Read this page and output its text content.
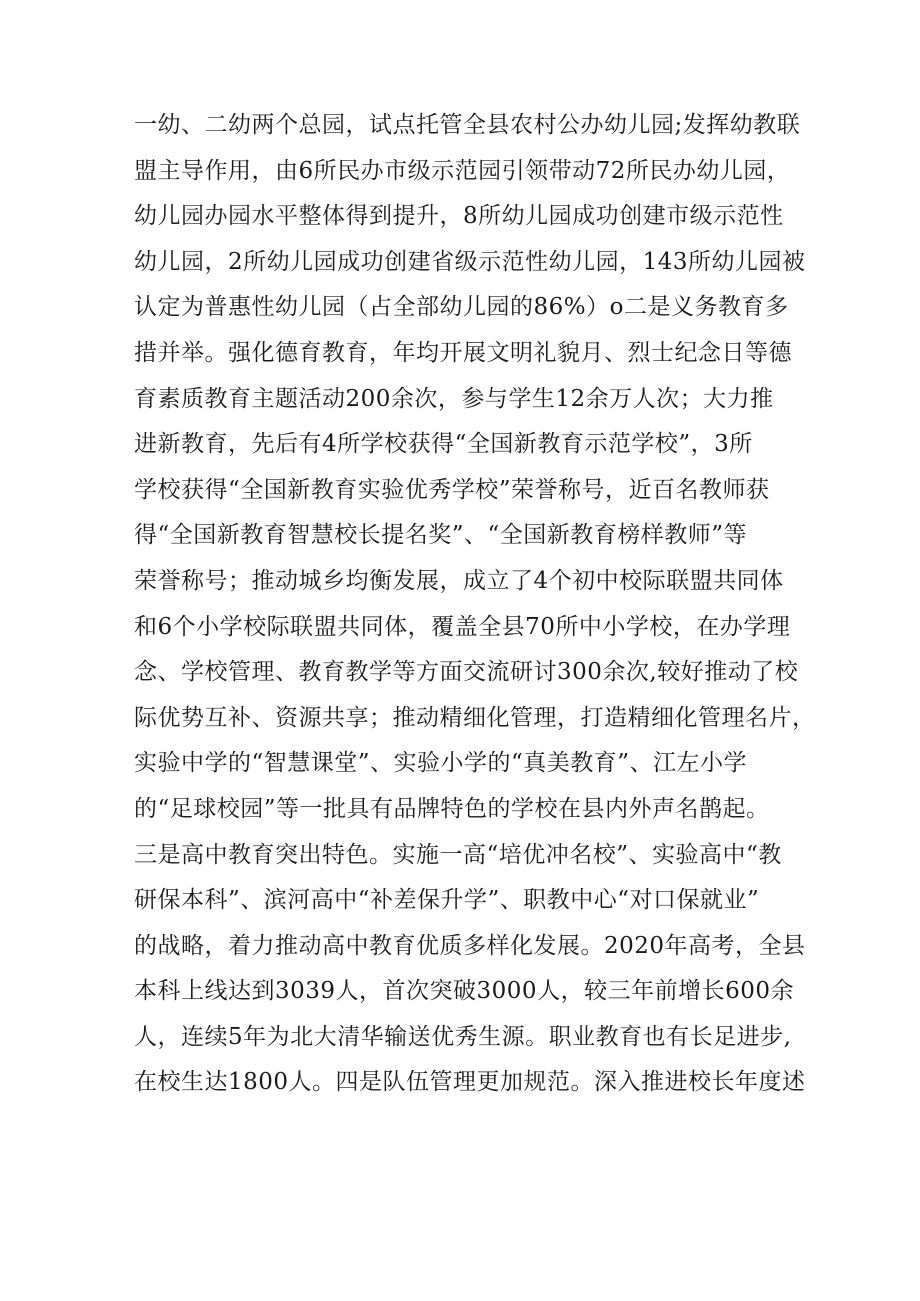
一幼、二幼两个总园，试点托管全县农村公办幼儿园;发挥幼教联
盟主导作用，由6所民办市级示范园引领带动72所民办幼儿园，
幼儿园办园水平整体得到提升，8所幼儿园成功创建市级示范性
幼儿园，2所幼儿园成功创建省级示范性幼儿园，143所幼儿园被
认定为普惠性幼儿园（占全部幼儿园的86%）o二是义务教育多
措并举。强化德育教育，年均开展文明礼貌月、烈士纪念日等德
育素质教育主题活动200余次，参与学生12余万人次；大力推
进新教育，先后有4所学校获得“全国新教育示范学校”，3所
学校获得“全国新教育实验优秀学校”荣誉称号，近百名教师获
得“全国新教育智慧校长提名奖”、“全国新教育榜样教师”等
荣誉称号；推动城乡均衡发展，成立了4个初中校际联盟共同体
和6个小学校际联盟共同体，覆盖全县70所中小学校，在办学理
念、学校管理、教育教学等方面交流研讨300余次,较好推动了校
际优势互补、资源共享；推动精细化管理，打造精细化管理名片，
实验中学的“智慧课堂”、实验小学的“真美教育”、江左小学
的“足球校园”等一批具有品牌特色的学校在县内外声名鹊起。
三是高中教育突出特色。实施一高“培优冲名校”、实验高中“教
研保本科”、滨河高中“补差保升学”、职教中心“对口保就业”
的战略，着力推动高中教育优质多样化发展。2020年高考，全县
本科上线达到3039人，首次突破3000人，较三年前增长600余
人，连续5年为北大清华输送优秀生源。职业教育也有长足进步,
在校生达1800人。四是队伍管理更加规范。深入推进校长年度述
